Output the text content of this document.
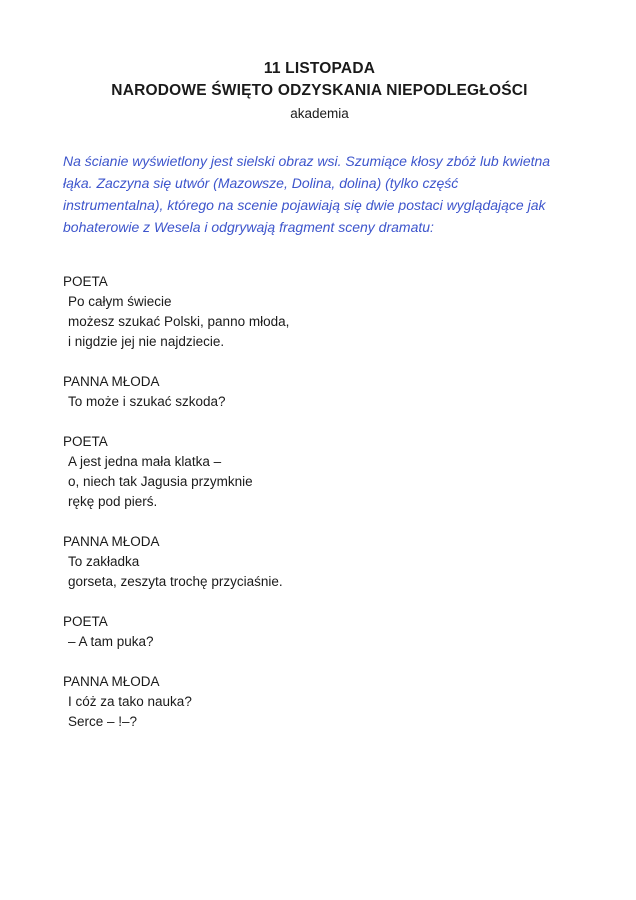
11 LISTOPADA
NARODOWE ŚWIĘTO ODZYSKANIA NIEPODLEGŁOŚCI
akademia
Na ścianie wyświetlony jest sielski obraz wsi. Szumiące kłosy zbóż lub kwietna łąka. Zaczyna się utwór (Mazowsze, Dolina, dolina) (tylko część instrumentalna), którego na scenie pojawiają się dwie postaci wyglądające jak bohaterowie z Wesela i odgrywają fragment sceny dramatu:
POETA
Po całym świecie
możesz szukać Polski, panno młoda,
i nigdzie jej nie najdziecie.
PANNA MŁODA
To może i szukać szkoda?
POETA
A jest jedna mała klatka –
o, niech tak Jagusia przymknie
rękę pod pierś.
PANNA MŁODA
To zakładka
gorseta, zeszyta trochę przyciaśnie.
POETA
– A tam puka?
PANNA MŁODA
I cóż za tako nauka?
Serce – !–?
